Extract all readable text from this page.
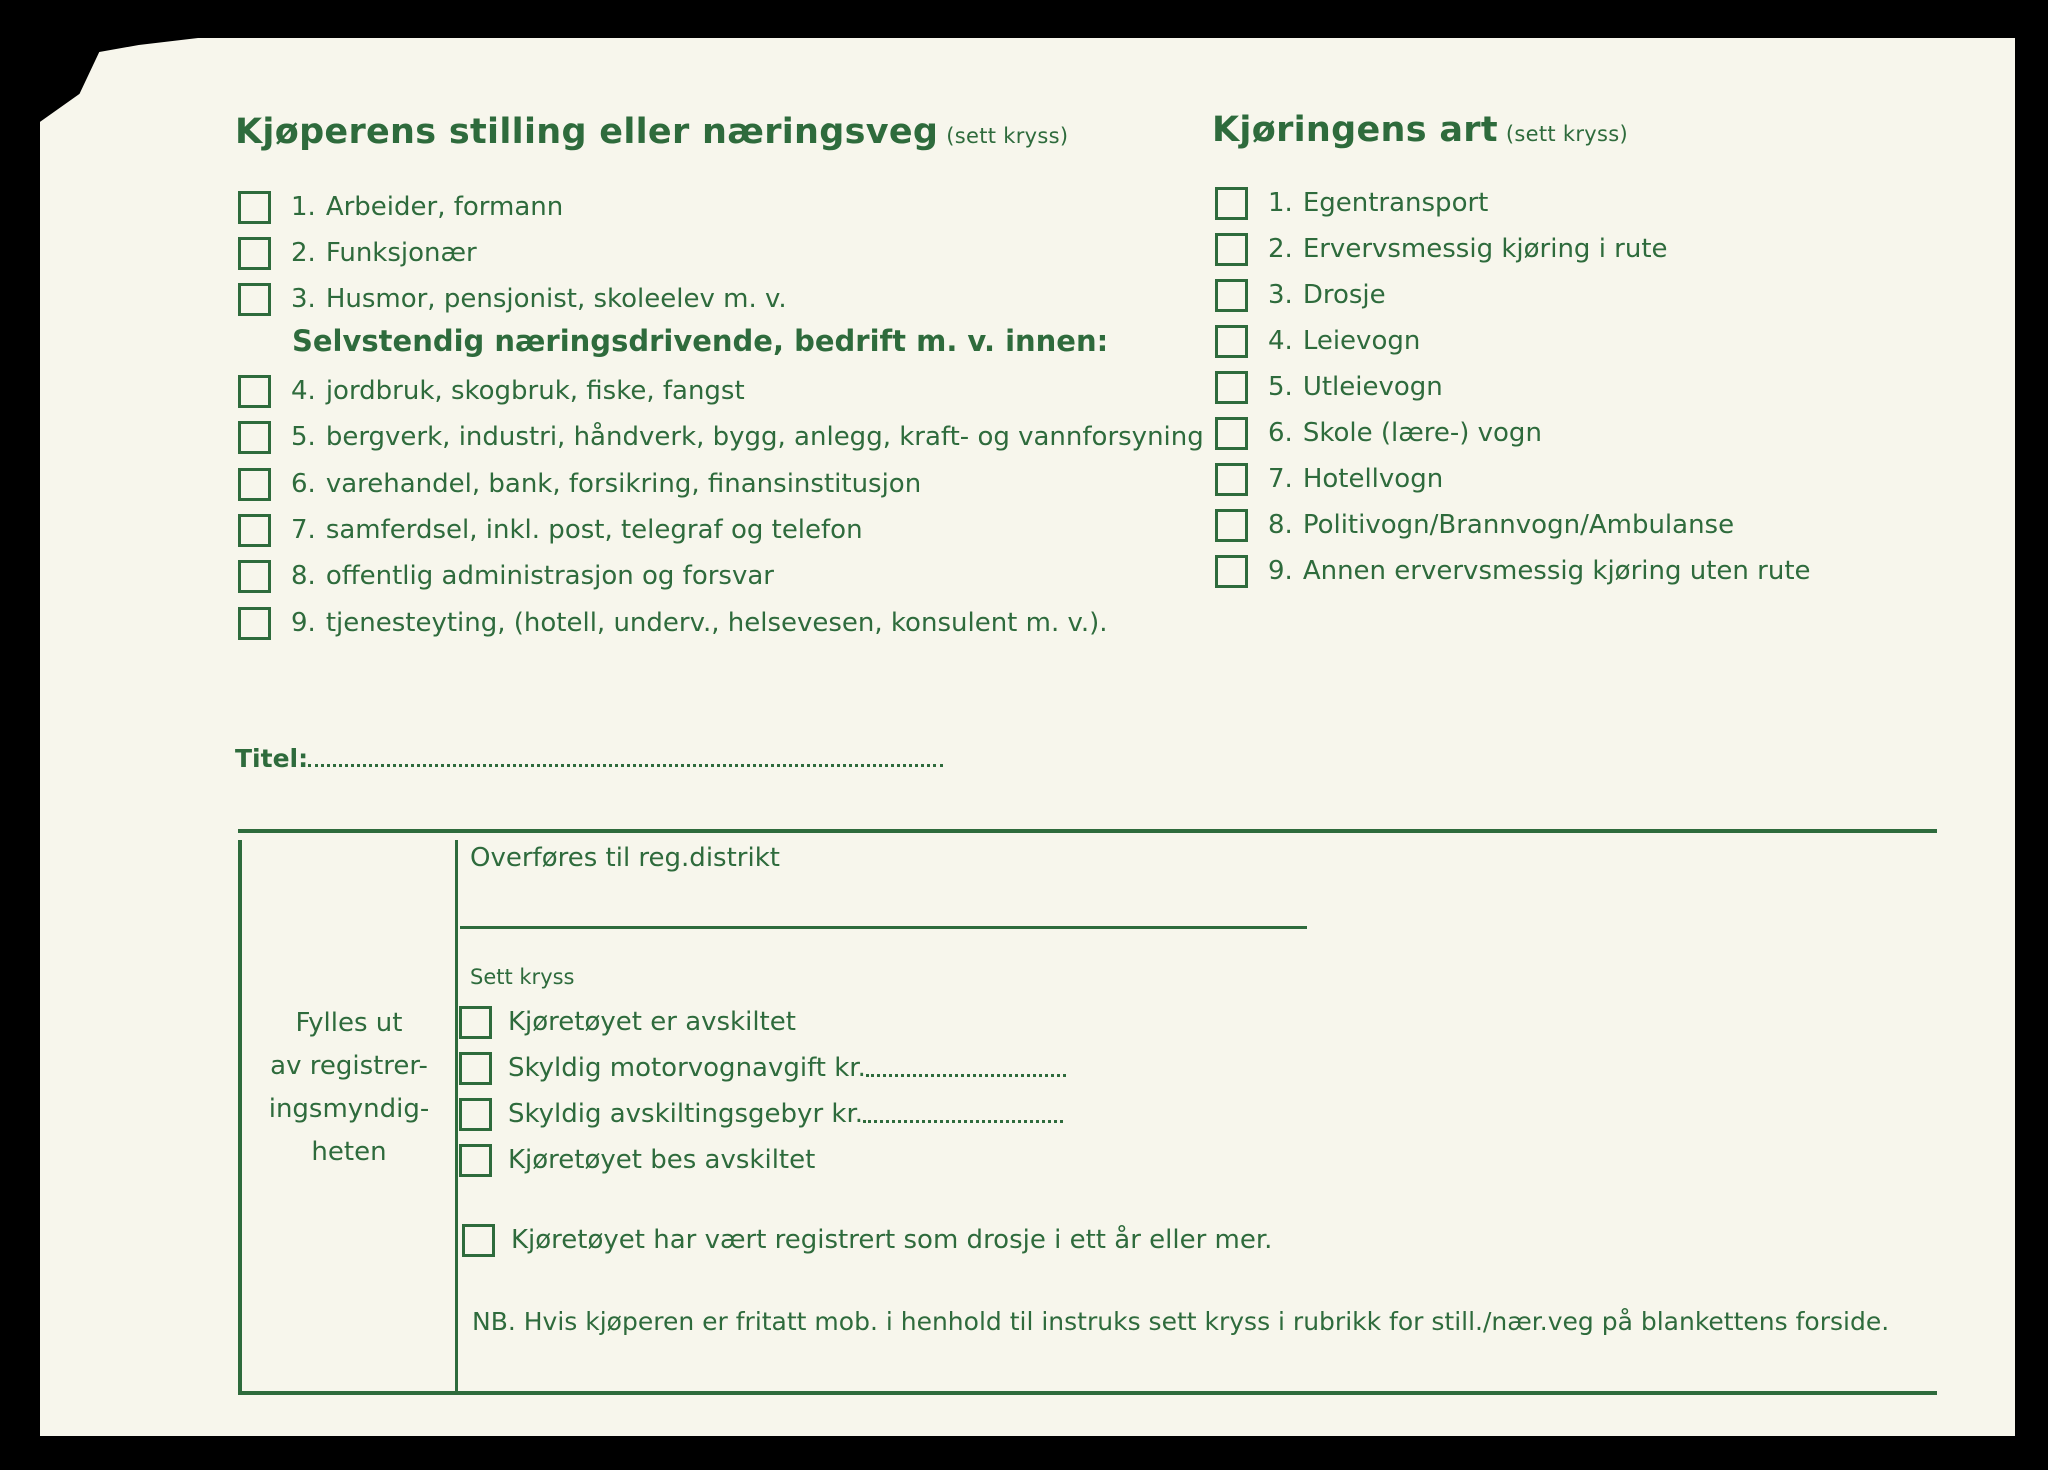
Kjøperens stilling eller næringsveg (sett kryss)
1. Arbeider, formann
2. Funksjonær
3. Husmor, pensjonist, skoleelev m. v.
Selvstendig næringsdrivende, bedrift m. v. innen:
4. jordbruk, skogbruk, fiske, fangst
5. bergverk, industri, håndverk, bygg, anlegg, kraft- og vannforsyning
6. varehandel, bank, forsikring, finansinstitusjon
7. samferdsel, inkl. post, telegraf og telefon
8. offentlig administrasjon og forsvar
9. tjenesteyting, (hotell, underv., helsevesen, konsulent m. v.).
Titel:
Kjøringens art (sett kryss)
1. Egentransport
2. Ervervsmessig kjøring i rute
3. Drosje
4. Leievogn
5. Utleievogn
6. Skole (lære-) vogn
7. Hotellvogn
8. Politivogn/Brannvogn/Ambulanse
9. Annen ervervsmessig kjøring uten rute
Fylles ut
av registrer-
ingsmyndig-
heten
Overføres til reg.distrikt
Sett kryss
Kjøretøyet er avskiltet
Skyldig motorvognavgift kr.
Skyldig avskiltingsgebyr kr.
Kjøretøyet bes avskiltet
Kjøretøyet har vært registrert som drosje i ett år eller mer.
NB. Hvis kjøperen er fritatt mob. i henhold til instruks sett kryss i rubrikk for still./nær.veg på blankettens forside.
